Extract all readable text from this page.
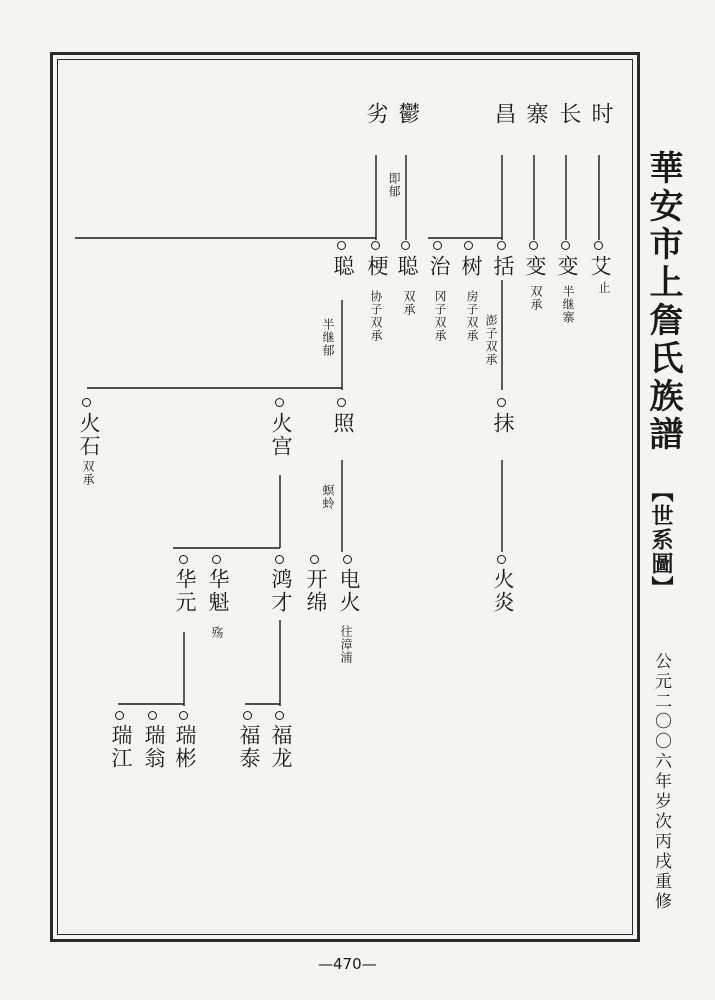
華安市上詹氏族譜
【世系圖】
公元二〇〇六年岁次丙戌重修
时
长
寨
昌
鬱
劣
即郁
艾
止
变
半继寨
变
双承
括
澎子双承
树
房子双承
治
冈子双承
聪
双承
梗
协子双承
聪
半继郁
抹
照
火宫
火石
双承
螟蛉
火炎
电火
往漳浦
开绵
鸿才
华魁
殇
华元
福龙
福泰
瑞彬
瑞翁
瑞江
—470—
